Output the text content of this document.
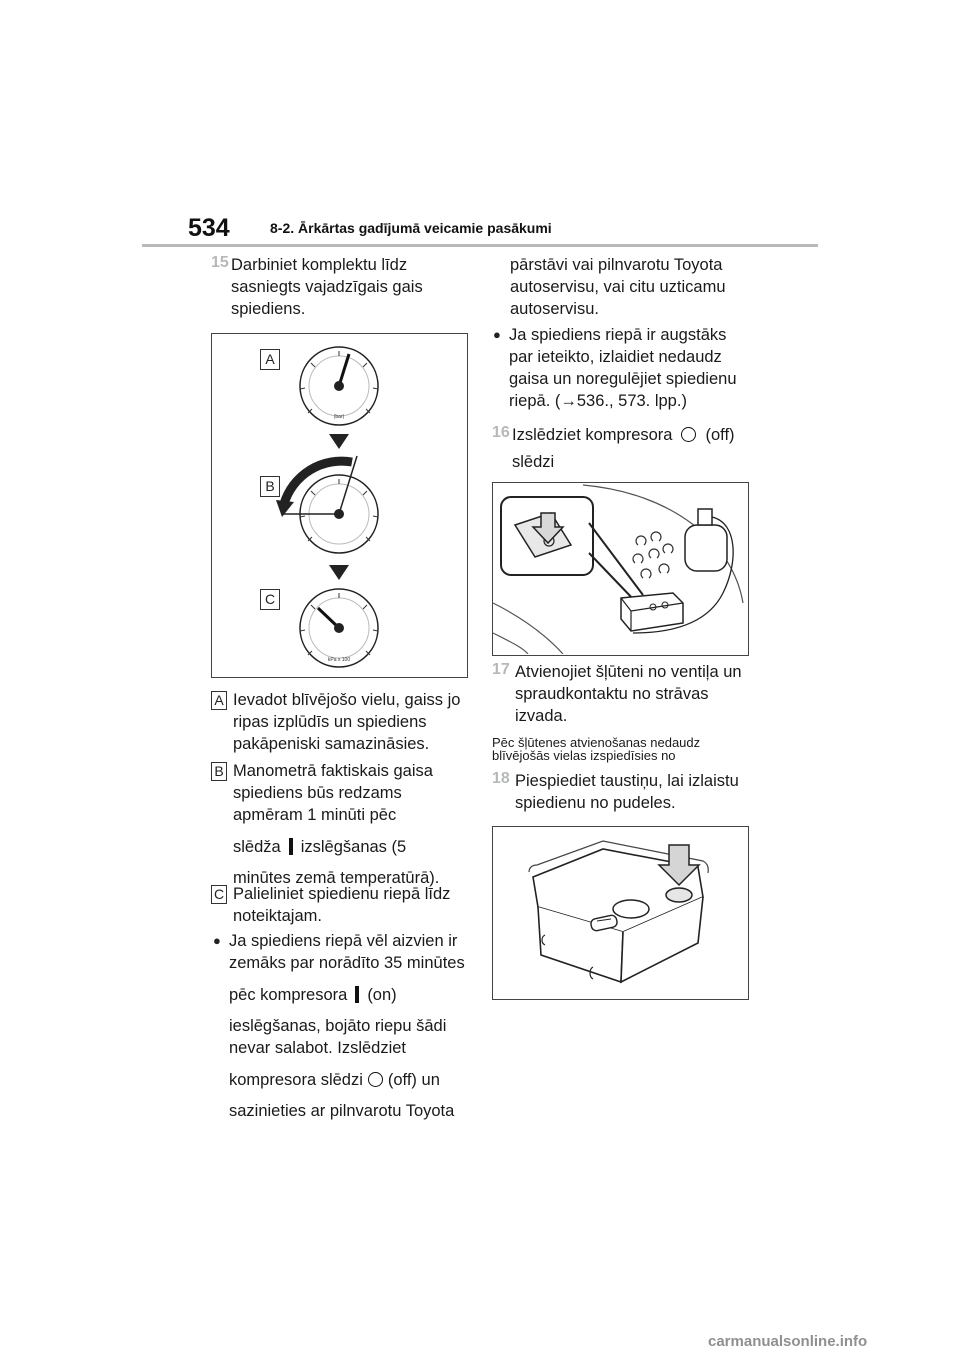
534	8-2. Ārkārtas gadījumā veicamie pasākumi
15 Darbiniet komplektu līdz
sasniegts vajadzīgais gais
spiediens.
A
B
C
(bar)
kPa x 100
A Ievadot blīvējošo vielu, gaiss jo
ripas izplūdīs un spiediens
pakāpeniski samazināsies.
B Manometrā faktiskais gaisa
spiediens būs redzams
apmēram 1 minūti pēc
slēdža izslēgšanas (5
minūtes zemā temperatūrā).
C Palieliniet spiedienu riepā līdz
noteiktajam.
● Ja spiediens riepā vēl aizvien ir
zemāks par norādīto 35 minūtes
pēc kompresora (on)
ieslēgšanas, bojāto riepu šādi
nevar salabot. Izslēdziet
kompresora slēdzi (off) un
sazinieties ar pilnvarotu Toyota
pārstāvi vai pilnvarotu Toyota
autoservisu, vai citu uzticamu
autoservisu.
● Ja spiediens riepā ir augstāks
par ieteikto, izlaidiet nedaudz
gaisa un noregulējiet spiedienu
riepā. (→536., 573. lpp.)
16 Izslēdziet kompresora (off)
slēdzi
17 Atvienojiet šļūteni no ventiļa un
spraudkontaktu no strāvas
izvada.
Pēc šļūtenes atvienošanas nedaudz
blīvējošās vielas izspiedīsies no
18 Piespiediet taustiņu, lai izlaistu
spiedienu no pudeles.
carmanualsonline.info
